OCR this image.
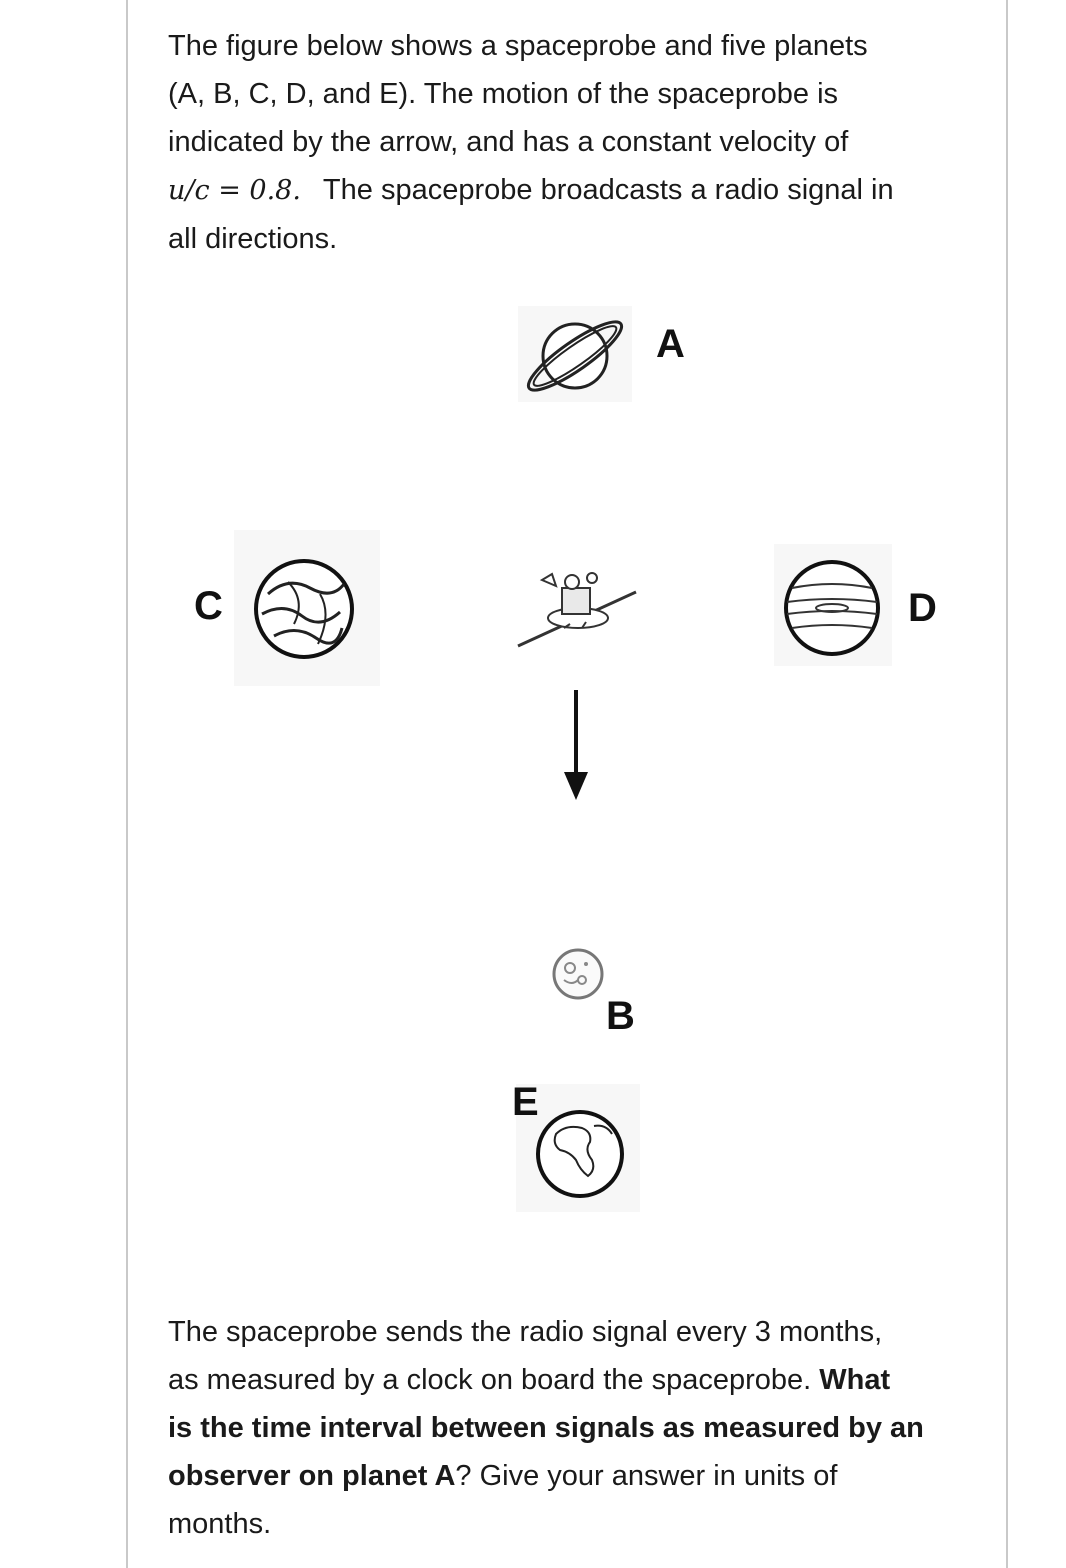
The figure below shows a spaceprobe and five planets
(A, B, C, D, and E). The motion of the spaceprobe is
indicated by the arrow, and has a constant velocity of
u/c = 0.8. The spaceprobe broadcasts a radio signal in
all directions.

A
C	D
B
E

The spaceprobe sends the radio signal every 3 months,
as measured by a clock on board the spaceprobe. What
is the time interval between signals as measured by an
observer on planet A? Give your answer in units of
months.
